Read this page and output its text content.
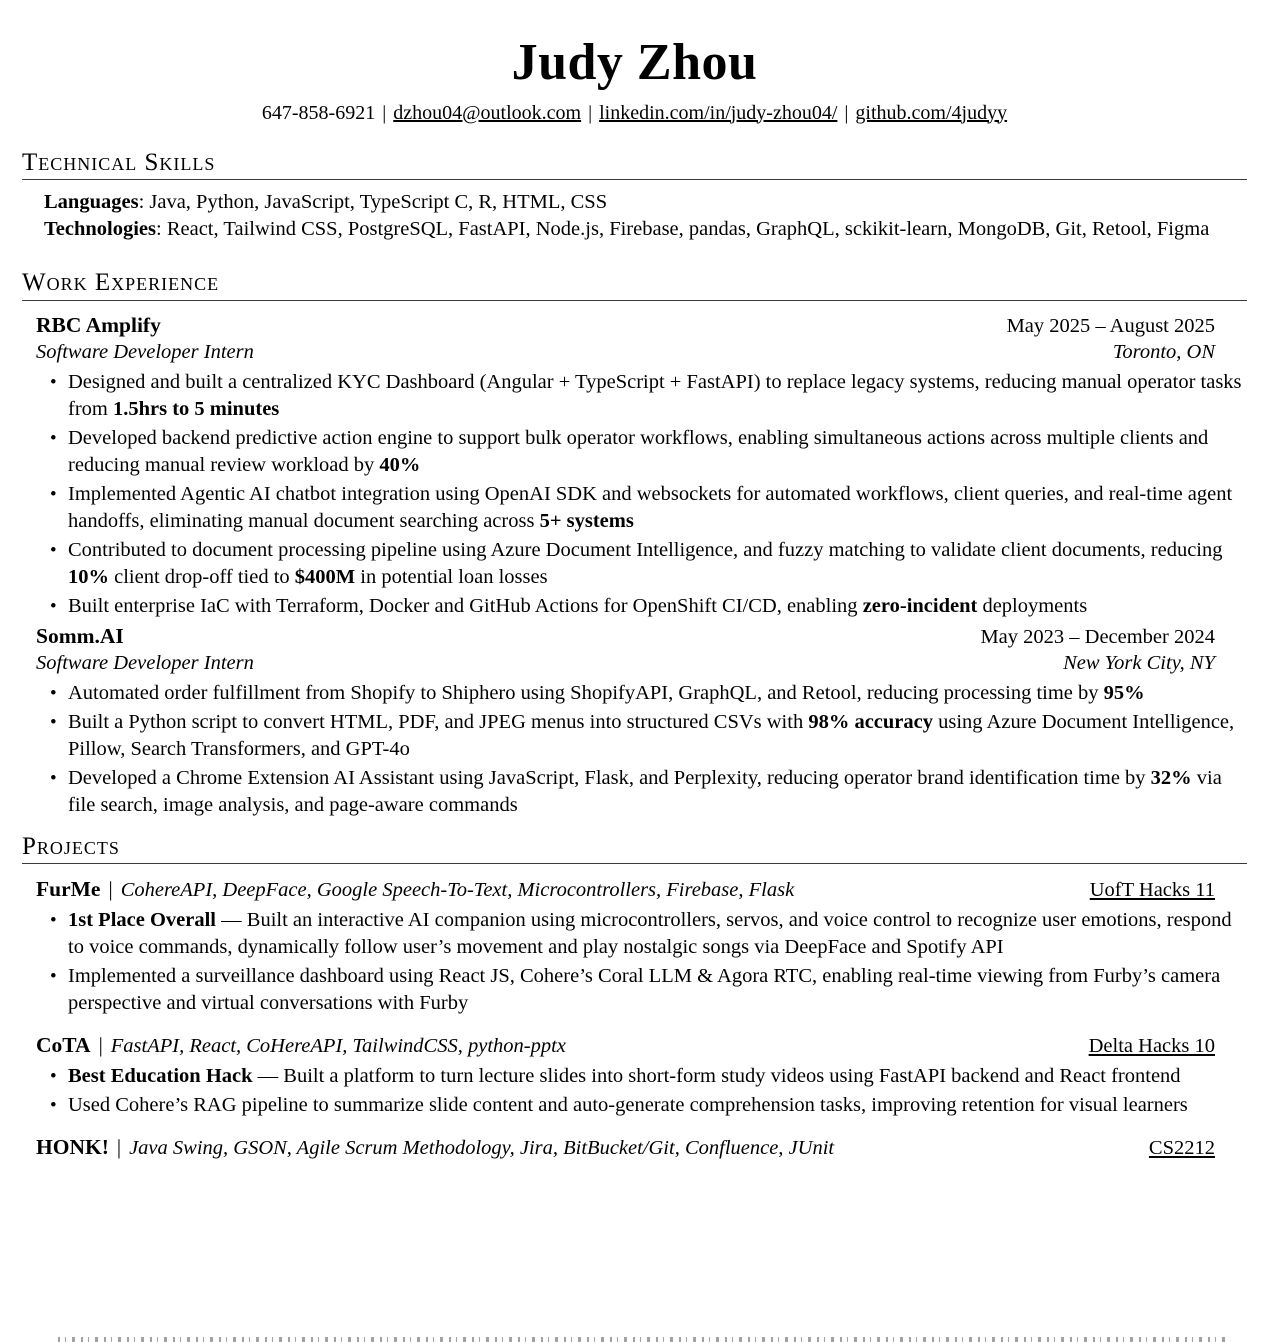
Judy Zhou
647-858-6921 | dzhou04@outlook.com | linkedin.com/in/judy-zhou04/ | github.com/4judyy
Technical Skills
Languages: Java, Python, JavaScript, TypeScript C, R, HTML, CSS
Technologies: React, Tailwind CSS, PostgreSQL, FastAPI, Node.js, Firebase, pandas, GraphQL, sckikit-learn, MongoDB, Git, Retool, Figma
Work Experience
RBC Amplify	May 2025 – August 2025
Software Developer Intern	Toronto, ON
• Designed and built a centralized KYC Dashboard (Angular + TypeScript + FastAPI) to replace legacy systems, reducing manual operator tasks from 1.5hrs to 5 minutes
• Developed backend predictive action engine to support bulk operator workflows, enabling simultaneous actions across multiple clients and reducing manual review workload by 40%
• Implemented Agentic AI chatbot integration using OpenAI SDK and websockets for automated workflows, client queries, and real-time agent handoffs, eliminating manual document searching across 5+ systems
• Contributed to document processing pipeline using Azure Document Intelligence, and fuzzy matching to validate client documents, reducing 10% client drop-off tied to $400M in potential loan losses
• Built enterprise IaC with Terraform, Docker and GitHub Actions for OpenShift CI/CD, enabling zero-incident deployments
Somm.AI	May 2023 – December 2024
Software Developer Intern	New York City, NY
• Automated order fulfillment from Shopify to Shiphero using ShopifyAPI, GraphQL, and Retool, reducing processing time by 95%
• Built a Python script to convert HTML, PDF, and JPEG menus into structured CSVs with 98% accuracy using Azure Document Intelligence, Pillow, Search Transformers, and GPT-4o
• Developed a Chrome Extension AI Assistant using JavaScript, Flask, and Perplexity, reducing operator brand identification time by 32% via file search, image analysis, and page-aware commands
Projects
FurMe | CohereAPI, DeepFace, Google Speech-To-Text, Microcontrollers, Firebase, Flask	UofT Hacks 11
• 1st Place Overall — Built an interactive AI companion using microcontrollers, servos, and voice control to recognize user emotions, respond to voice commands, dynamically follow user’s movement and play nostalgic songs via DeepFace and Spotify API
• Implemented a surveillance dashboard using React JS, Cohere’s Coral LLM & Agora RTC, enabling real-time viewing from Furby’s camera perspective and virtual conversations with Furby
CoTA | FastAPI, React, CoHereAPI, TailwindCSS, python-pptx	Delta Hacks 10
• Best Education Hack — Built a platform to turn lecture slides into short-form study videos using FastAPI backend and React frontend
• Used Cohere’s RAG pipeline to summarize slide content and auto-generate comprehension tasks, improving retention for visual learners
HONK! | Java Swing, GSON, Agile Scrum Methodology, Jira, BitBucket/Git, Confluence, JUnit	CS2212
